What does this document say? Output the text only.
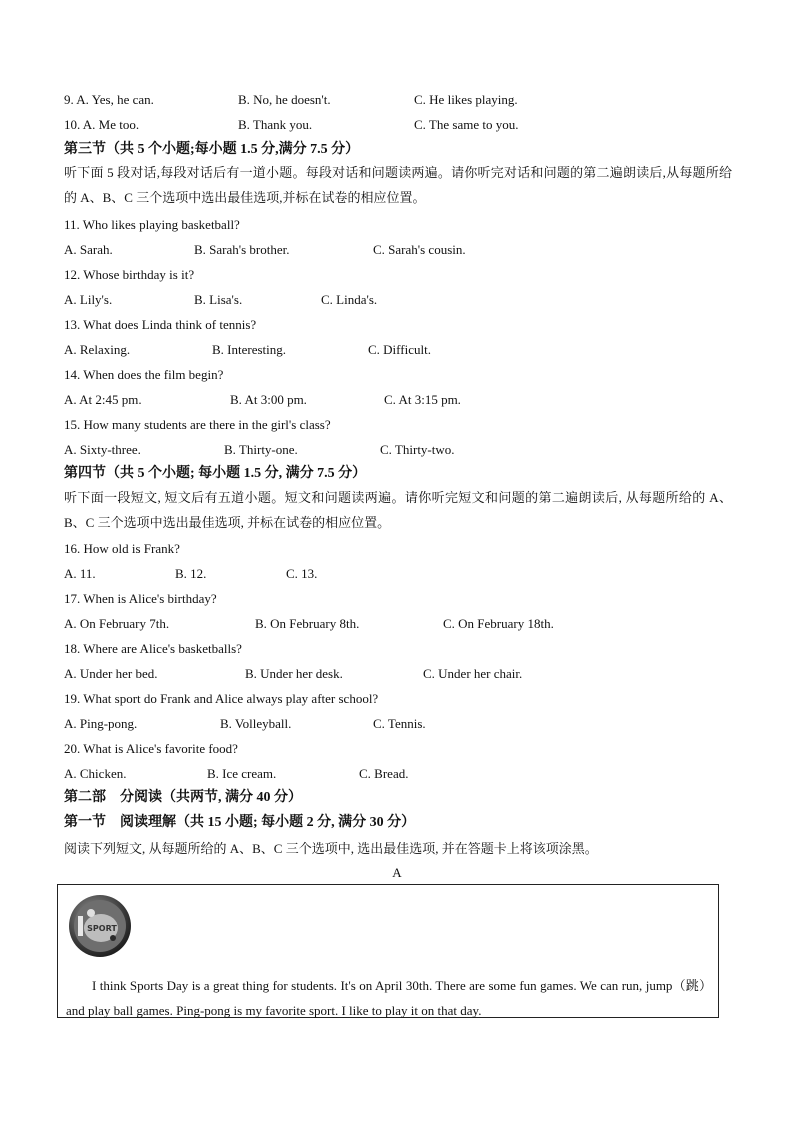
9. A. Yes, he can.	B. No, he doesn't.	C. He likes playing.
10. A. Me too.	B. Thank you.	C. The same to you.
第三节（共 5 个小题;每小题 1.5 分,满分 7.5 分）
听下面 5 段对话,每段对话后有一道小题。每段对话和问题读两遍。请你听完对话和问题的第二遍朗读后,从每题所给的 A、B、C 三个选项中选出最佳选项,并标在试卷的相应位置。
11. Who likes playing basketball?
A. Sarah.	B. Sarah's brother.	C. Sarah's cousin.
12. Whose birthday is it?
A. Lily's.	B. Lisa's.	C. Linda's.
13. What does Linda think of tennis?
A. Relaxing.	B. Interesting.	C. Difficult.
14. When does the film begin?
A. At 2:45 pm.	B. At 3:00 pm.	C. At 3:15 pm.
15. How many students are there in the girl's class?
A. Sixty-three.	B. Thirty-one.	C. Thirty-two.
第四节（共 5 个小题; 每小题 1.5 分, 满分 7.5 分）
听下面一段短文, 短文后有五道小题。短文和问题读两遍。请你听完短文和问题的第二遍朗读后, 从每题所给的 A、B、C 三个选项中选出最佳选项, 并标在试卷的相应位置。
16. How old is Frank?
A. 11.	B. 12.	C. 13.
17. When is Alice's birthday?
A. On February 7th.	B. On February 8th.	C. On February 18th.
18. Where are Alice's basketballs?
A. Under her bed.	B. Under her desk.	C. Under her chair.
19. What sport do Frank and Alice always play after school?
A. Ping-pong.	B. Volleyball.	C. Tennis.
20. What is Alice's favorite food?
A. Chicken.	B. Ice cream.	C. Bread.
第二部　分阅读（共两节, 满分 40 分）
第一节　阅读理解（共 15 小题; 每小题 2 分, 满分 30 分）
阅读下列短文, 从每题所给的 A、B、C 三个选项中, 选出最佳选项, 并在答题卡上将该项涂黑。
A
SPORT
I think Sports Day is a great thing for students. It's on April 30th. There are some fun games. We can run, jump（跳）and play ball games. Ping-pong is my favorite sport. I like to play it on that day.
